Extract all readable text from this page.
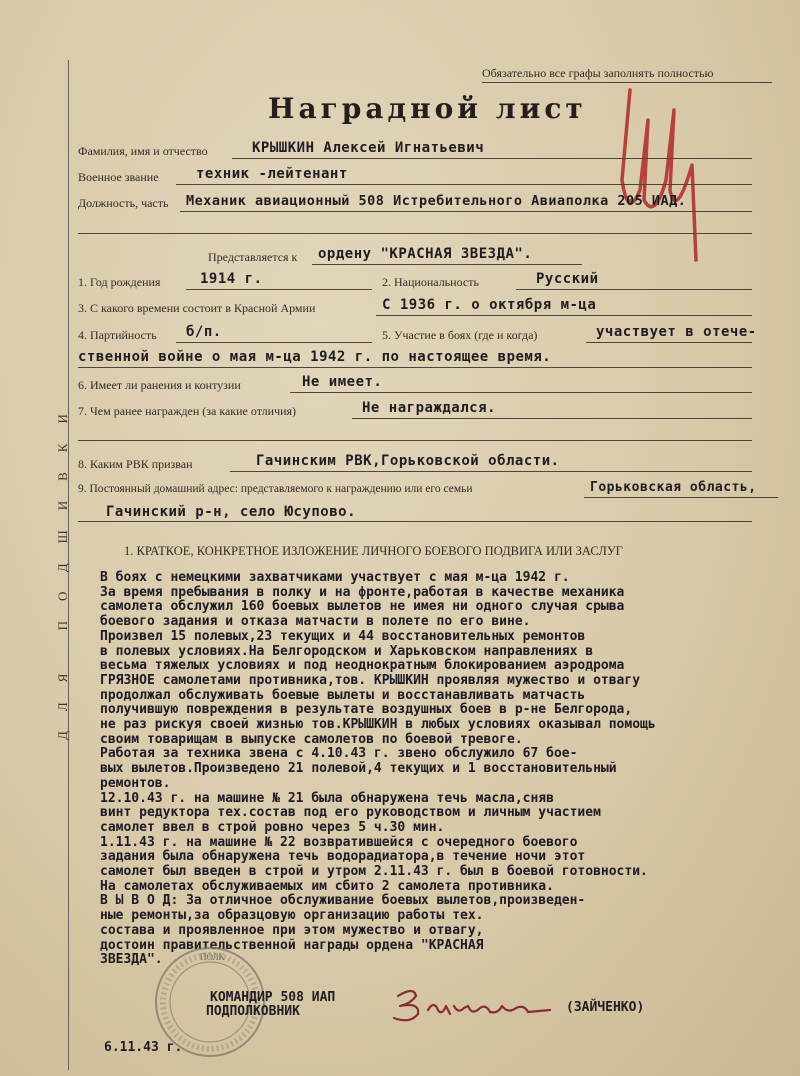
ДЛЯ ПОДШИВКИ
Обязательно все графы заполнять полностью
Наградной лист
Фамилия, имя и отчество	КРЫШКИН Алексей Игнатьевич
Военное звание	техник -лейтенант
Должность, часть Механик авиационный 508 Истребительного Авиаполка 205 ИАД.
Представляется к ордену "КРАСНАЯ ЗВЕЗДА".
1. Год рождения	1914 г.	2. Национальность	Русский
3. С какого времени состоит в Красной Армии	С 1936 г. о октября м-ца
4. Партийность б/п.	5. Участие в боях (где и когда)	участвует в отече-
ственной войне о мая м-ца 1942 г. по настоящее время.
6. Имеет ли ранения и контузии	Не имеет.
7. Чем ранее награжден (за какие отличия)	Не награждался.
8. Каким РВК призван	Гачинским РВК,Горьковской области.
9. Постоянный домашний адрес: представляемого к награждению или его семьи	Горьковская область,
Гачинский р-н, село Юсупово.
1. КРАТКОЕ, КОНКРЕТНОЕ ИЗЛОЖЕНИЕ ЛИЧНОГО БОЕВОГО ПОДВИГА ИЛИ ЗАСЛУГ
В боях с немецкими захватчиками участвует с мая м-ца 1942 г.
За время пребывания в полку и на фронте,работая в качестве механика
самолета обслужил 160 боевых вылетов не имея ни одного случая срыва
боевого задания и отказа матчасти в полете по его вине.
Произвел 15 полевых,23 текущих и 44 восстановительных ремонтов
в полевых условиях.На Белгородском и Харьковском направлениях в
весьма тяжелых условиях и под неоднократным блокированием аэродрома
ГРЯЗНОЕ самолетами противника,тов. КРЫШКИН проявляя мужество и отвагу
продолжал обслуживать боевые вылеты и восстанавливать матчасть
получившую повреждения в результате воздушных боев в р-не Белгорода,
не раз рискуя своей жизнью тов.КРЫШКИН в любых условиях оказывал помощь
своим товарищам в выпуске самолетов по боевой тревоге.
Работая за техника звена с 4.10.43 г. звено обслужило 67 бое-
вых вылетов.Произведено 21 полевой,4 текущих и 1 восстановительный
ремонтов.
12.10.43 г. на машине № 21 была обнаружена течь масла,сняв
винт редуктора тех.состав под его руководством и личным участием
самолет ввел в строй ровно через 5 ч.30 мин.
1.11.43 г. на машине № 22 возвратившейся с очередного боевого
задания была обнаружена течь водорадиатора,в течение ночи этот
самолет был введен в строй и утром 2.11.43 г. был в боевой готовности.
На самолетах обслуживаемых им сбито 2 самолета противника.
В Ы В О Д: За отличное обслуживание боевых вылетов,произведен-
ные ремонты,за образцовую организацию работы тех.
состава и проявленное при этом мужество и отвагу,
достоин правительственной награды ордена "КРАСНАЯ
ЗВЕЗДА".	ПОЛК
КОМАНДИР 508 ИАП
ПОДПОЛКОВНИК	(ЗАЙЧЕНКО)
6.11.43 г.
